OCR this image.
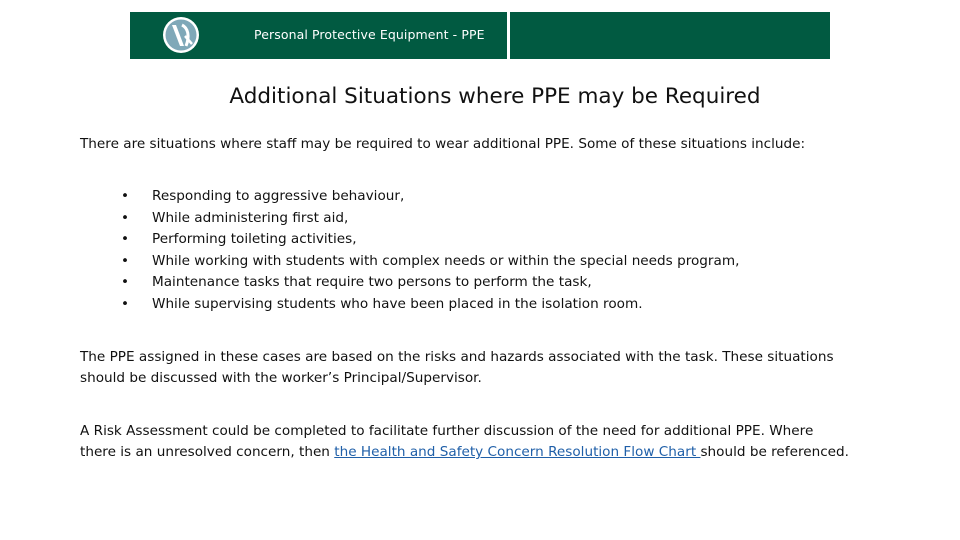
Personal Protective Equipment - PPE
Additional Situations where PPE may be Required

There are situations where staff may be required to wear additional PPE. Some of these situations include:

• Responding to aggressive behaviour,
• While administering first aid,
• Performing toileting activities,
• While working with students with complex needs or within the special needs program,
• Maintenance tasks that require two persons to perform the task,
• While supervising students who have been placed in the isolation room.

The PPE assigned in these cases are based on the risks and hazards associated with the task. These situations
should be discussed with the worker’s Principal/Supervisor.

A Risk Assessment could be completed to facilitate further discussion of the need for additional PPE. Where
there is an unresolved concern, then the Health and Safety Concern Resolution Flow Chart should be referenced.
